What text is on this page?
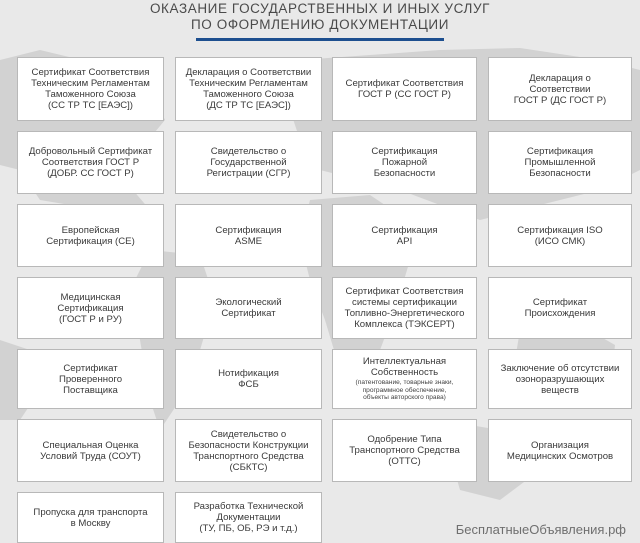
ОКАЗАНИЕ ГОСУДАРСТВЕННЫХ И ИНЫХ УСЛУГ
ПО ОФОРМЛЕНИЮ ДОКУМЕНТАЦИИ
Сертификат Соответствия
Техническим Регламентам
Таможенного Союза
(СС ТР ТС [ЕАЭС])
Декларация о Соответствии
Техническим Регламентам
Таможенного Союза
(ДС ТР ТС [ЕАЭС])
Сертификат Соответствия
ГОСТ Р (СС ГОСТ Р)
Декларация о
Соответствии
ГОСТ Р (ДС ГОСТ Р)
Добровольный Сертификат
Соответствия ГОСТ Р
(ДОБР. СС ГОСТ Р)
Свидетельство о
Государственной
Регистрации (СГР)
Сертификация
Пожарной
Безопасности
Сертификация
Промышленной
Безопасности
Европейская
Сертификация (CE)
Сертификация
ASME
Сертификация
API
Сертификация ISO
(ИСО СМК)
Медицинская
Сертификация
(ГОСТ Р и РУ)
Экологический
Сертификат
Сертификат Соответствия
системы сертификации
Топливно-Энергетического
Комплекса (ТЭКСЕРТ)
Сертификат
Происхождения
Сертификат
Проверенного
Поставщика
Нотификация
ФСБ
Интеллектуальная
Собственность
(патентование, товарные знаки,
программное обеспечение,
объекты авторского права)
Заключение об отсутствии
озоноразрушающих
веществ
Специальная Оценка
Условий Труда (СОУТ)
Свидетельство о
Безопасности Конструкции
Транспортного Средства
(СБКТС)
Одобрение Типа
Транспортного Средства
(ОТТС)
Организация
Медицинских Осмотров
Пропуска для транспорта
в Москву
Разработка Технической
Документации
(ТУ, ПБ, ОБ, РЭ и т.д.)	БесплатныеОбъявления.рф
